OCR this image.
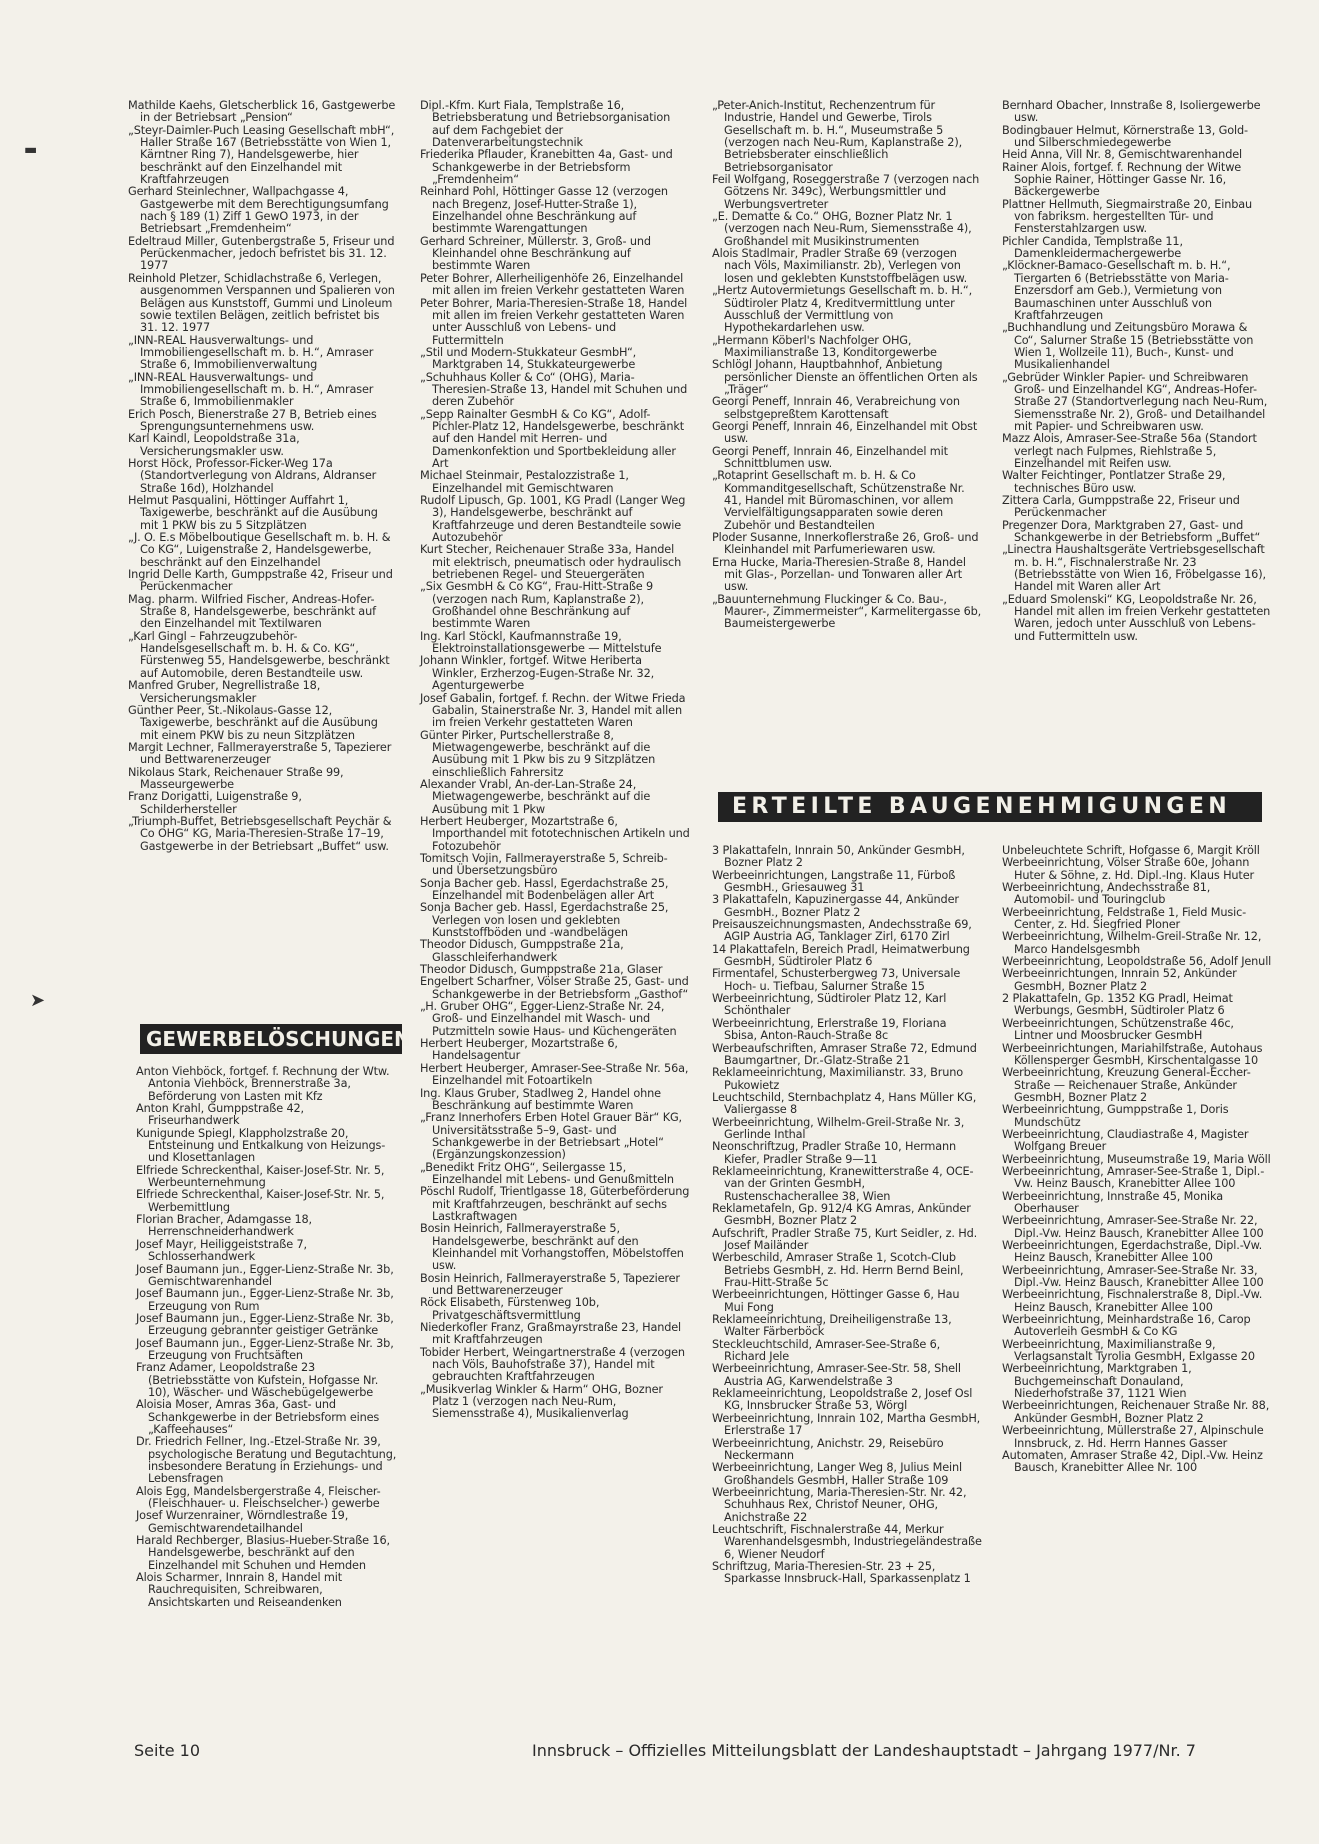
▬
➤

Mathilde Kaehs, Gletscherblick 16, Gastgewerbe in der Betriebsart „Pension“

„Steyr-Daimler-Puch Leasing Gesellschaft mbH“, Haller Straße 167 (Betriebsstätte von Wien 1, Kärntner Ring 7), Handelsgewerbe, hier beschränkt auf den Einzelhandel mit Kraftfahrzeugen

Gerhard Steinlechner, Wallpachgasse 4, Gastgewerbe mit dem Berechtigungsumfang nach § 189 (1) Ziff 1 GewO 1973, in der Betriebsart „Fremdenheim“

Edeltraud Miller, Gutenbergstraße 5, Friseur und Perückenmacher, jedoch befristet bis 31. 12. 1977

Reinhold Pletzer, Schidlachstraße 6, Verlegen, ausgenommen Verspannen und Spalieren von Belägen aus Kunststoff, Gummi und Linoleum sowie textilen Belägen, zeitlich befristet bis 31. 12. 1977

„INN-REAL Hausverwaltungs- und Immobiliengesellschaft m. b. H.“, Amraser Straße 6, Immobilienverwaltung

„INN-REAL Hausverwaltungs- und Immobiliengesellschaft m. b. H.“, Amraser Straße 6, Immobilienmakler

Erich Posch, Bienerstraße 27 B, Betrieb eines Sprengungsunternehmens usw.

Karl Kaindl, Leopoldstraße 31a, Versicherungsmakler usw.

Horst Höck, Professor-Ficker-Weg 17a (Standortverlegung von Aldrans, Aldranser Straße 16d), Holzhandel

Helmut Pasqualini, Höttinger Auffahrt 1, Taxigewerbe, beschränkt auf die Ausübung mit 1 PKW bis zu 5 Sitzplätzen

„J. O. E.s Möbelboutique Gesellschaft m. b. H. & Co KG“, Luigenstraße 2, Handelsgewerbe, beschränkt auf den Einzelhandel

Ingrid Delle Karth, Gumppstraße 42, Friseur und Perückenmacher

Mag. pharm. Wilfried Fischer, Andreas-Hofer-Straße 8, Handelsgewerbe, beschränkt auf den Einzelhandel mit Textilwaren

„Karl Gingl – Fahrzeugzubehör-Handelsgesellschaft m. b. H. & Co. KG“, Fürstenweg 55, Handelsgewerbe, beschränkt auf Automobile, deren Bestandteile usw.

Manfred Gruber, Negrellistraße 18, Versicherungsmakler

Günther Peer, St.-Nikolaus-Gasse 12, Taxigewerbe, beschränkt auf die Ausübung mit einem PKW bis zu neun Sitzplätzen

Margit Lechner, Fallmerayerstraße 5, Tapezierer und Bettwarenerzeuger

Nikolaus Stark, Reichenauer Straße 99, Masseurgewerbe

Franz Dorigatti, Luigenstraße 9, Schilderhersteller

„Triumph-Buffet, Betriebsgesellschaft Peychär & Co OHG“ KG, Maria-Theresien-Straße 17–19, Gastgewerbe in der Betriebsart „Buffet“ usw.

GEWERBELÖSCHUNGEN

Anton Viehböck, fortgef. f. Rechnung der Wtw. Antonia Viehböck, Brennerstraße 3a, Beförderung von Lasten mit Kfz

Anton Krahl, Gumppstraße 42, Friseurhandwerk

Kunigunde Spiegl, Klappholzstraße 20, Entsteinung und Entkalkung von Heizungs- und Klosettanlagen

Elfriede Schreckenthal, Kaiser-Josef-Str. Nr. 5, Werbeunternehmung

Elfriede Schreckenthal, Kaiser-Josef-Str. Nr. 5, Werbemittlung

Florian Bracher, Adamgasse 18, Herrenschneiderhandwerk

Josef Mayr, Heiliggeiststraße 7, Schlosserhandwerk

Josef Baumann jun., Egger-Lienz-Straße Nr. 3b, Gemischtwarenhandel

Josef Baumann jun., Egger-Lienz-Straße Nr. 3b, Erzeugung von Rum

Josef Baumann jun., Egger-Lienz-Straße Nr. 3b, Erzeugung gebrannter geistiger Getränke

Josef Baumann jun., Egger-Lienz-Straße Nr. 3b, Erzeugung von Fruchtsäften

Franz Adamer, Leopoldstraße 23 (Betriebsstätte von Kufstein, Hofgasse Nr. 10), Wäscher- und Wäschebügelgewerbe

Aloisia Moser, Amras 36a, Gast- und Schankgewerbe in der Betriebsform eines „Kaffeehauses“

Dr. Friedrich Fellner, Ing.-Etzel-Straße Nr. 39, psychologische Beratung und Begutachtung, insbesondere Beratung in Erziehungs- und Lebensfragen

Alois Egg, Mandelsbergerstraße 4, Fleischer-(Fleischhauer- u. Fleischselcher-) gewerbe

Josef Wurzenrainer, Wörndlestraße 19, Gemischtwarendetailhandel

Harald Rechberger, Blasius-Hueber-Straße 16, Handelsgewerbe, beschränkt auf den Einzelhandel mit Schuhen und Hemden

Alois Scharmer, Innrain 8, Handel mit Rauchrequisiten, Schreibwaren, Ansichtskarten und Reiseandenken

Dipl.-Kfm. Kurt Fiala, Templstraße 16, Betriebsberatung und Betriebsorganisation auf dem Fachgebiet der Datenverarbeitungstechnik

Friederika Pflauder, Kranebitten 4a, Gast- und Schankgewerbe in der Betriebsform „Fremdenheim“

Reinhard Pohl, Höttinger Gasse 12 (verzogen nach Bregenz, Josef-Hutter-Straße 1), Einzelhandel ohne Beschränkung auf bestimmte Warengattungen

Gerhard Schreiner, Müllerstr. 3, Groß- und Kleinhandel ohne Beschränkung auf bestimmte Waren

Peter Bohrer, Allerheiligenhöfe 26, Einzelhandel mit allen im freien Verkehr gestatteten Waren

Peter Bohrer, Maria-Theresien-Straße 18, Handel mit allen im freien Verkehr gestatteten Waren unter Ausschluß von Lebens- und Futtermitteln

„Stil und Modern-Stukkateur GesmbH“, Marktgraben 14, Stukkateurgewerbe

„Schuhhaus Koller & Co“ (OHG), Maria-Theresien-Straße 13, Handel mit Schuhen und deren Zubehör

„Sepp Rainalter GesmbH & Co KG“, Adolf-Pichler-Platz 12, Handelsgewerbe, beschränkt auf den Handel mit Herren- und Damenkonfektion und Sportbekleidung aller Art

Michael Steinmair, Pestalozzistraße 1, Einzelhandel mit Gemischtwaren

Rudolf Lipusch, Gp. 1001, KG Pradl (Langer Weg 3), Handelsgewerbe, beschränkt auf Kraftfahrzeuge und deren Bestandteile sowie Autozubehör

Kurt Stecher, Reichenauer Straße 33a, Handel mit elektrisch, pneumatisch oder hydraulisch betriebenen Regel- und Steuergeräten

„Six GesmbH & Co KG“, Frau-Hitt-Straße 9 (verzogen nach Rum, Kaplanstraße 2), Großhandel ohne Beschränkung auf bestimmte Waren

Ing. Karl Stöckl, Kaufmannstraße 19, Elektroinstallationsgewerbe — Mittelstufe

Johann Winkler, fortgef. Witwe Heriberta Winkler, Erzherzog-Eugen-Straße Nr. 32, Agenturgewerbe

Josef Gabalin, fortgef. f. Rechn. der Witwe Frieda Gabalin, Stainerstraße Nr. 3, Handel mit allen im freien Verkehr gestatteten Waren

Günter Pirker, Purtschellerstraße 8, Mietwagengewerbe, beschränkt auf die Ausübung mit 1 Pkw bis zu 9 Sitzplätzen einschließlich Fahrersitz

Alexander Vrabl, An-der-Lan-Straße 24, Mietwagengewerbe, beschränkt auf die Ausübung mit 1 Pkw

Herbert Heuberger, Mozartstraße 6, Importhandel mit fototechnischen Artikeln und Fotozubehör

Tomitsch Vojin, Fallmerayerstraße 5, Schreib- und Übersetzungsbüro

Sonja Bacher geb. Hassl, Egerdachstraße 25, Einzelhandel mit Bodenbelägen aller Art

Sonja Bacher geb. Hassl, Egerdachstraße 25, Verlegen von losen und geklebten Kunststoffböden und -wandbelägen

Theodor Didusch, Gumppstraße 21a, Glasschleiferhandwerk

Theodor Didusch, Gumppstraße 21a, Glaser

Engelbert Scharfner, Völser Straße 25, Gast- und Schankgewerbe in der Betriebsform „Gasthof“

„H. Gruber OHG“, Egger-Lienz-Straße Nr. 24, Groß- und Einzelhandel mit Wasch- und Putzmitteln sowie Haus- und Küchengeräten

Herbert Heuberger, Mozartstraße 6, Handelsagentur

Herbert Heuberger, Amraser-See-Straße Nr. 56a, Einzelhandel mit Fotoartikeln

Ing. Klaus Gruber, Stadlweg 2, Handel ohne Beschränkung auf bestimmte Waren

„Franz Innerhofers Erben Hotel Grauer Bär“ KG, Universitätsstraße 5–9, Gast- und Schankgewerbe in der Betriebsart „Hotel“ (Ergänzungskonzession)

„Benedikt Fritz OHG“, Seilergasse 15, Einzelhandel mit Lebens- und Genußmitteln

Pöschl Rudolf, Trientlgasse 18, Güterbeförderung mit Kraftfahrzeugen, beschränkt auf sechs Lastkraftwagen

Bosin Heinrich, Fallmerayerstraße 5, Handelsgewerbe, beschränkt auf den Kleinhandel mit Vorhangstoffen, Möbelstoffen usw.

Bosin Heinrich, Fallmerayerstraße 5, Tapezierer und Bettwarenerzeuger

Röck Elisabeth, Fürstenweg 10b, Privatgeschäftsvermittlung

Niederkofler Franz, Graßmayrstraße 23, Handel mit Kraftfahrzeugen

Tobider Herbert, Weingartnerstraße 4 (verzogen nach Völs, Bauhofstraße 37), Handel mit gebrauchten Kraftfahrzeugen

„Musikverlag Winkler & Harm“ OHG, Bozner Platz 1 (verzogen nach Neu-Rum, Siemensstraße 4), Musikalienverlag

„Peter-Anich-Institut, Rechenzentrum für Industrie, Handel und Gewerbe, Tirols Gesellschaft m. b. H.“, Museumstraße 5 (verzogen nach Neu-Rum, Kaplanstraße 2), Betriebsberater einschließlich Betriebsorganisator

Feil Wolfgang, Roseggerstraße 7 (verzogen nach Götzens Nr. 349c), Werbungsmittler und Werbungsvertreter

„E. Dematte & Co.“ OHG, Bozner Platz Nr. 1 (verzogen nach Neu-Rum, Siemensstraße 4), Großhandel mit Musikinstrumenten

Alois Stadlmair, Pradler Straße 69 (verzogen nach Völs, Maximilianstr. 2b), Verlegen von losen und geklebten Kunststoffbelägen usw.

„Hertz Autovermietungs Gesellschaft m. b. H.“, Südtiroler Platz 4, Kreditvermittlung unter Ausschluß der Vermittlung von Hypothekardarlehen usw.

„Hermann Köberl's Nachfolger OHG, Maximilianstraße 13, Konditorgewerbe

Schlögl Johann, Hauptbahnhof, Anbietung persönlicher Dienste an öffentlichen Orten als „Träger“

Georgi Peneff, Innrain 46, Verabreichung von selbstgepreßtem Karottensaft

Georgi Peneff, Innrain 46, Einzelhandel mit Obst usw.

Georgi Peneff, Innrain 46, Einzelhandel mit Schnittblumen usw.

„Rotaprint Gesellschaft m. b. H. & Co Kommanditgesellschaft, Schützenstraße Nr. 41, Handel mit Büromaschinen, vor allem Vervielfältigungsapparaten sowie deren Zubehör und Bestandteilen

Ploder Susanne, Innerkoflerstraße 26, Groß- und Kleinhandel mit Parfumeriewaren usw.

Erna Hucke, Maria-Theresien-Straße 8, Handel mit Glas-, Porzellan- und Tonwaren aller Art usw.

„Bauunternehmung Fluckinger & Co. Bau-, Maurer-, Zimmermeister“, Karmelitergasse 6b, Baumeistergewerbe

Bernhard Obacher, Innstraße 8, Isoliergewerbe usw.

Bodingbauer Helmut, Körnerstraße 13, Gold- und Silberschmiedegewerbe

Heid Anna, Vill Nr. 8, Gemischtwarenhandel

Rainer Alois, fortgef. f. Rechnung der Witwe Sophie Rainer, Höttinger Gasse Nr. 16, Bäckergewerbe

Plattner Hellmuth, Siegmairstraße 20, Einbau von fabriksm. hergestellten Tür- und Fensterstahlzargen usw.

Pichler Candida, Templstraße 11, Damenkleidermachergewerbe

„Klöckner-Bamaco-Gesellschaft m. b. H.“, Tiergarten 6 (Betriebsstätte von Maria-Enzersdorf am Geb.), Vermietung von Baumaschinen unter Ausschluß von Kraftfahrzeugen

„Buchhandlung und Zeitungsbüro Morawa & Co“, Salurner Straße 15 (Betriebsstätte von Wien 1, Wollzeile 11), Buch-, Kunst- und Musikalienhandel

„Gebrüder Winkler Papier- und Schreibwaren Groß- und Einzelhandel KG“, Andreas-Hofer-Straße 27 (Standortverlegung nach Neu-Rum, Siemensstraße Nr. 2), Groß- und Detailhandel mit Papier- und Schreibwaren usw.

Mazz Alois, Amraser-See-Straße 56a (Standort verlegt nach Fulpmes, Riehlstraße 5, Einzelhandel mit Reifen usw.

Walter Feichtinger, Pontlatzer Straße 29, technisches Büro usw.

Zittera Carla, Gumppstraße 22, Friseur und Perückenmacher

Pregenzer Dora, Marktgraben 27, Gast- und Schankgewerbe in der Betriebsform „Buffet“

„Linectra Haushaltsgeräte Vertriebsgesellschaft m. b. H.“, Fischnalerstraße Nr. 23 (Betriebsstätte von Wien 16, Fröbelgasse 16), Handel mit Waren aller Art

„Eduard Smolenski“ KG, Leopoldstraße Nr. 26, Handel mit allen im freien Verkehr gestatteten Waren, jedoch unter Ausschluß von Lebens- und Futtermitteln usw.

ERTEILTE BAUGENEHMIGUNGEN

3 Plakattafeln, Innrain 50, Ankünder GesmbH, Bozner Platz 2

Werbeeinrichtungen, Langstraße 11, Fürboß GesmbH., Griesauweg 31

3 Plakattafeln, Kapuzinergasse 44, Ankünder GesmbH., Bozner Platz 2

Preisauszeichnungsmasten, Andechsstraße 69, AGIP Austria AG, Tanklager Zirl, 6170 Zirl

14 Plakattafeln, Bereich Pradl, Heimatwerbung GesmbH, Südtiroler Platz 6

Firmentafel, Schusterbergweg 73, Universale Hoch- u. Tiefbau, Salurner Straße 15

Werbeeinrichtung, Südtiroler Platz 12, Karl Schönthaler

Werbeeinrichtung, Erlerstraße 19, Floriana Sbisa, Anton-Rauch-Straße 8c

Werbeaufschriften, Amraser Straße 72, Edmund Baumgartner, Dr.-Glatz-Straße 21

Reklameeinrichtung, Maximilianstr. 33, Bruno Pukowietz

Leuchtschild, Sternbachplatz 4, Hans Müller KG, Valiergasse 8

Werbeeinrichtung, Wilhelm-Greil-Straße Nr. 3, Gerlinde Inthal

Neonschriftzug, Pradler Straße 10, Hermann Kiefer, Pradler Straße 9—11

Reklameeinrichtung, Kranewitterstraße 4, OCE-van der Grinten GesmbH, Rustenschacherallee 38, Wien

Reklametafeln, Gp. 912/4 KG Amras, Ankünder GesmbH, Bozner Platz 2

Aufschrift, Pradler Straße 75, Kurt Seidler, z. Hd. Josef Mailänder

Werbeschild, Amraser Straße 1, Scotch-Club Betriebs GesmbH, z. Hd. Herrn Bernd Beinl, Frau-Hitt-Straße 5c

Werbeeinrichtungen, Höttinger Gasse 6, Hau Mui Fong

Reklameeinrichtung, Dreiheiligenstraße 13, Walter Färberböck

Steckleuchtschild, Amraser-See-Straße 6, Richard Jele

Werbeeinrichtung, Amraser-See-Str. 58, Shell Austria AG, Karwendelstraße 3

Reklameeinrichtung, Leopoldstraße 2, Josef Osl KG, Innsbrucker Straße 53, Wörgl

Werbeeinrichtung, Innrain 102, Martha GesmbH, Erlerstraße 17

Werbeeinrichtung, Anichstr. 29, Reisebüro Neckermann

Werbeeinrichtung, Langer Weg 8, Julius Meinl Großhandels GesmbH, Haller Straße 109

Werbeeinrichtung, Maria-Theresien-Str. Nr. 42, Schuhhaus Rex, Christof Neuner, OHG, Anichstraße 22

Leuchtschrift, Fischnalerstraße 44, Merkur Warenhandelsgesmbh, Industriegeländestraße 6, Wiener Neudorf

Schriftzug, Maria-Theresien-Str. 23 + 25, Sparkasse Innsbruck-Hall, Sparkassenplatz 1

Unbeleuchtete Schrift, Hofgasse 6, Margit Kröll

Werbeeinrichtung, Völser Straße 60e, Johann Huter & Söhne, z. Hd. Dipl.-Ing. Klaus Huter

Werbeeinrichtung, Andechsstraße 81, Automobil- und Touringclub

Werbeeinrichtung, Feldstraße 1, Field Music-Center, z. Hd. Siegfried Ploner

Werbeeinrichtung, Wilhelm-Greil-Straße Nr. 12, Marco Handelsgesmbh

Werbeeinrichtung, Leopoldstraße 56, Adolf Jenull

Werbeeinrichtungen, Innrain 52, Ankünder GesmbH, Bozner Platz 2

2 Plakattafeln, Gp. 1352 KG Pradl, Heimat Werbungs, GesmbH, Südtiroler Platz 6

Werbeeinrichtungen, Schützenstraße 46c, Lintner und Moosbrucker GesmbH

Werbeeinrichtungen, Mariahilfstraße, Autohaus Köllensperger GesmbH, Kirschentalgasse 10

Werbeeinrichtung, Kreuzung General-Eccher-Straße — Reichenauer Straße, Ankünder GesmbH, Bozner Platz 2

Werbeeinrichtung, Gumppstraße 1, Doris Mundschütz

Werbeeinrichtung, Claudiastraße 4, Magister Wolfgang Breuer

Werbeeinrichtung, Museumstraße 19, Maria Wöll

Werbeeinrichtung, Amraser-See-Straße 1, Dipl.-Vw. Heinz Bausch, Kranebitter Allee 100

Werbeeinrichtung, Innstraße 45, Monika Oberhauser

Werbeeinrichtung, Amraser-See-Straße Nr. 22, Dipl.-Vw. Heinz Bausch, Kranebitter Allee 100

Werbeeinrichtungen, Egerdachstraße, Dipl.-Vw. Heinz Bausch, Kranebitter Allee 100

Werbeeinrichtung, Amraser-See-Straße Nr. 33, Dipl.-Vw. Heinz Bausch, Kranebitter Allee 100

Werbeeinrichtung, Fischnalerstraße 8, Dipl.-Vw. Heinz Bausch, Kranebitter Allee 100

Werbeeinrichtung, Meinhardstraße 16, Carop Autoverleih GesmbH & Co KG

Werbeeinrichtung, Maximilianstraße 9, Verlagsanstalt Tyrolia GesmbH, Exlgasse 20

Werbeeinrichtung, Marktgraben 1, Buchgemeinschaft Donauland, Niederhofstraße 37, 1121 Wien

Werbeeinrichtungen, Reichenauer Straße Nr. 88, Ankünder GesmbH, Bozner Platz 2

Werbeeinrichtung, Müllerstraße 27, Alpinschule Innsbruck, z. Hd. Herrn Hannes Gasser

Automaten, Amraser Straße 42, Dipl.-Vw. Heinz Bausch, Kranebitter Allee Nr. 100

Seite 10	Innsbruck – Offizielles Mitteilungsblatt der Landeshauptstadt – Jahrgang 1977/Nr. 7
